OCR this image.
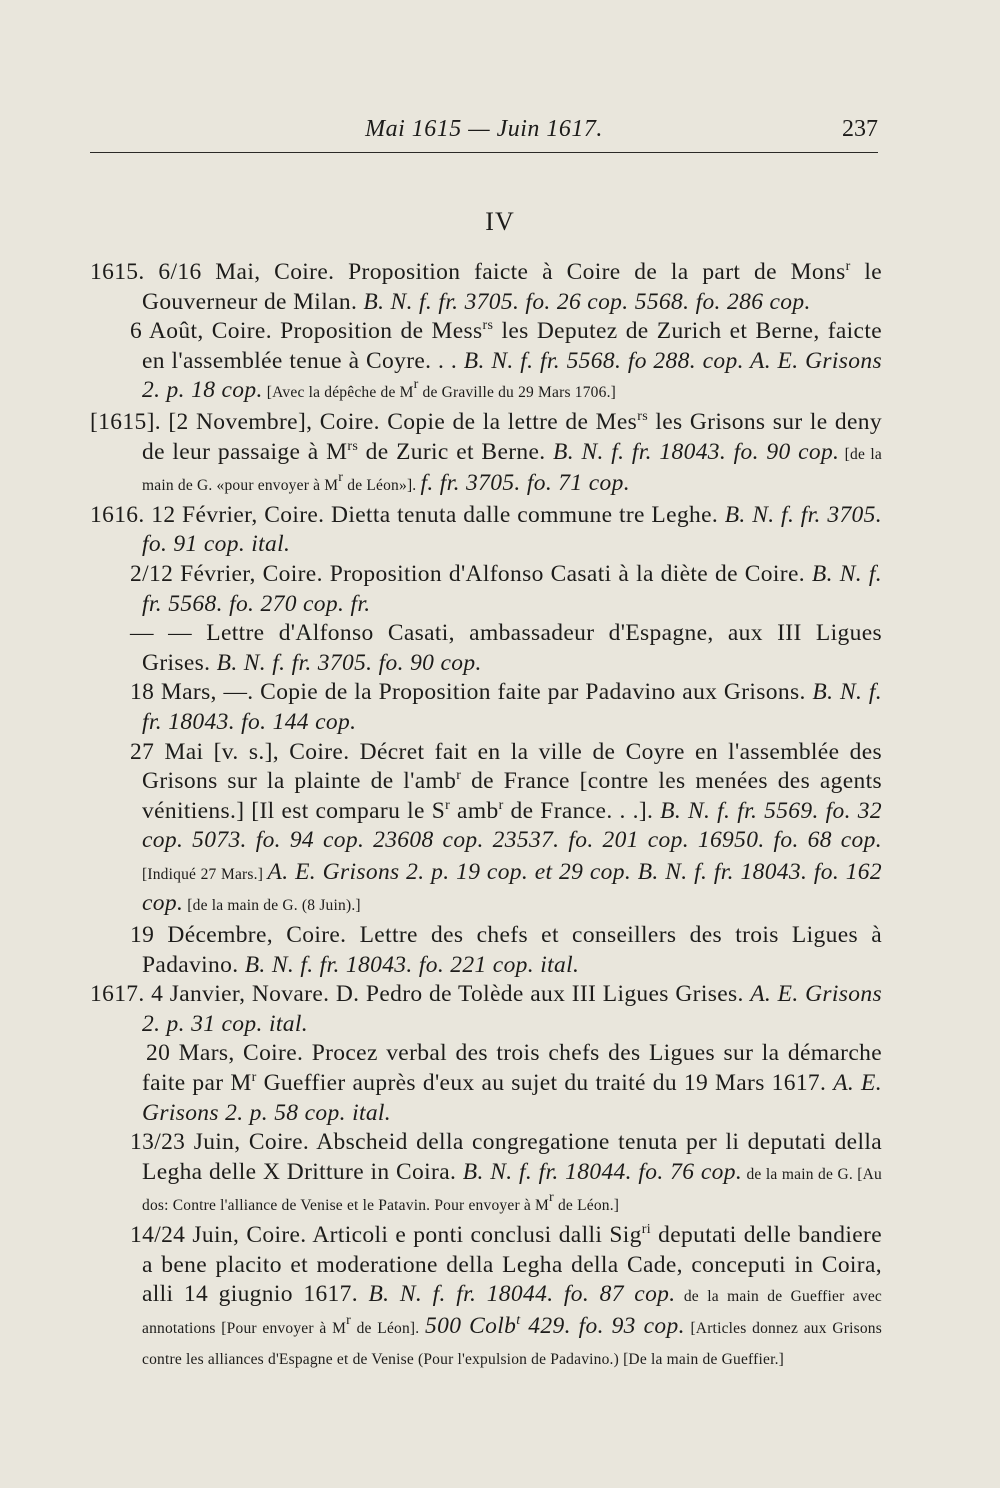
Mai 1615 — Juin 1617.	237
IV

1615. 6/16 Mai, Coire. Proposition faicte à Coire de la part de Mons$^r$ le Gouverneur de Milan. B. N. f. fr. 3705. fo. 26 cop. 5568. fo. 286 cop.

6 Août, Coire. Proposition de Mess$^{rs}$ les Deputez de Zurich et Berne, faicte en l'assemblée tenue à Coyre. . . B. N. f. fr. 5568. fo 288. cop. A. E. Grisons 2. p. 18 cop. [Avec la dépêche de $M^r$ de Graville du 29 Mars 1706.]

[1615]. [2 Novembre], Coire. Copie de la lettre de Mes$^{rs}$ les Grisons sur le deny de leur passaige à $M^{rs}$ de Zuric et Berne. B. N. f. fr. 18043. fo. 90 cop. [de la main de G. «pour envoyer à $M^r$ de Léon»]. f. fr. 3705. fo. 71 cop.

1616. 12 Février, Coire. Dietta tenuta dalle commune tre Leghe. B. N. f. fr. 3705. fo. 91 cop. ital.

2/12 Février, Coire. Proposition d'Alfonso Casati à la diète de Coire. B. N. f. fr. 5568. fo. 270 cop. fr.

— — Lettre d'Alfonso Casati, ambassadeur d'Espagne, aux III Ligues Grises. B. N. f. fr. 3705. fo. 90 cop.

18 Mars, —. Copie de la Proposition faite par Padavino aux Grisons. B. N. f. fr. 18043. fo. 144 cop.

27 Mai [v. s.], Coire. Décret fait en la ville de Coyre en l'assemblée des Grisons sur la plainte de l'amb$^r$ de France [contre les menées des agents vénitiens.] [Il est comparu le $S^r$ amb$^r$ de France. . .]. B. N. f. fr. 5569. fo. 32 cop. 5073. fo. 94 cop. 23608 cop. 23537. fo. 201 cop. 16950. fo. 68 cop. [Indiqué 27 Mars.] A. E. Grisons 2. p. 19 cop. et 29 cop. B. N. f. fr. 18043. fo. 162 cop. [de la main de G. (8 Juin).]

19 Décembre, Coire. Lettre des chefs et conseillers des trois Ligues à Padavino. B. N. f. fr. 18043. fo. 221 cop. ital.

1617. 4 Janvier, Novare. D. Pedro de Tolède aux III Ligues Grises. A. E. Grisons 2. p. 31 cop. ital.

20 Mars, Coire. Procez verbal des trois chefs des Ligues sur la démarche faite par $M^r$ Gueffier auprès d'eux au sujet du traité du 19 Mars 1617. A. E. Grisons 2. p. 58 cop. ital.

13/23 Juin, Coire. Abscheid della congregatione tenuta per li deputati della Legha delle X Dritture in Coira. B. N. f. fr. 18044. fo. 76 cop. de la main de G. [Au dos: Contre l'alliance de Venise et le Patavin. Pour envoyer à $M^r$ de Léon.]

14/24 Juin, Coire. Articoli e ponti conclusi dalli Sig$^{ri}$ deputati delle bandiere a bene placito et moderatione della Legha della Cade, conceputi in Coira, alli 14 giugnio 1617. B. N. f. fr. 18044. fo. 87 cop. de la main de Gueffier avec annotations [Pour envoyer à $M^r$ de Léon]. 500 Colb$^t$ 429. fo. 93 cop. [Articles donnez aux Grisons contre les alliances d'Espagne et de Venise (Pour l'expulsion de Padavino.) [De la main de Gueffier.]
